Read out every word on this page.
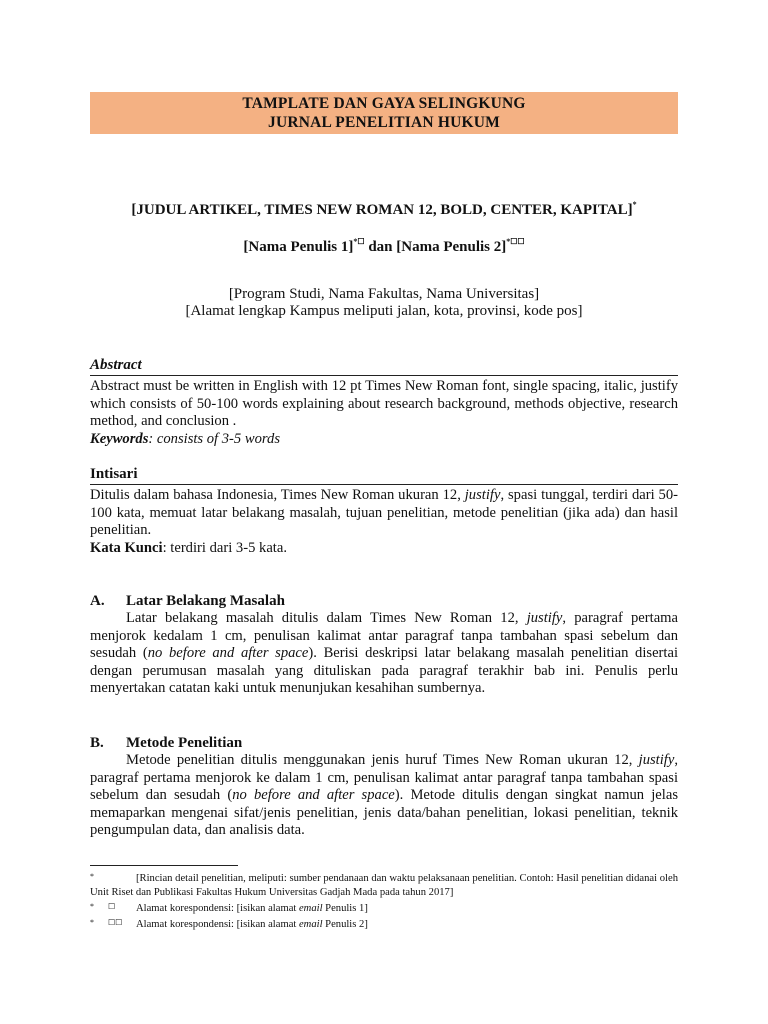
TAMPLATE DAN GAYA SELINGKUNG
JURNAL PENELITIAN HUKUM
[JUDUL ARTIKEL, TIMES NEW ROMAN 12, BOLD, CENTER, KAPITAL]*
[Nama Penulis 1]*☐ dan [Nama Penulis 2]*☐☐
[Program Studi, Nama Fakultas, Nama Universitas]
[Alamat lengkap Kampus meliputi jalan, kota, provinsi, kode pos]
Abstract
Abstract must be written in English with 12 pt Times New Roman font, single spacing, italic, justify which consists of 50-100 words explaining about research background, methods objective, research method, and conclusion .
Keywords: consists of 3-5 words
Intisari
Ditulis dalam bahasa Indonesia, Times New Roman ukuran 12, justify, spasi tunggal, terdiri dari 50-100 kata, memuat latar belakang masalah, tujuan penelitian, metode penelitian (jika ada) dan hasil penelitian.
Kata Kunci: terdiri dari 3-5 kata.
A. Latar Belakang Masalah
Latar belakang masalah ditulis dalam Times New Roman 12, justify, paragraf pertama menjorok kedalam 1 cm, penulisan kalimat antar paragraf tanpa tambahan spasi sebelum dan sesudah (no before and after space). Berisi deskripsi latar belakang masalah penelitian disertai dengan perumusan masalah yang dituliskan pada paragraf terakhir bab ini. Penulis perlu menyertakan catatan kaki untuk menunjukan kesahihan sumbernya.
B. Metode Penelitian
Metode penelitian ditulis menggunakan jenis huruf Times New Roman ukuran 12, justify, paragraf pertama menjorok ke dalam 1 cm, penulisan kalimat antar paragraf tanpa tambahan spasi sebelum dan sesudah (no before and after space). Metode ditulis dengan singkat namun jelas memaparkan mengenai sifat/jenis penelitian, jenis data/bahan penelitian, lokasi penelitian, teknik pengumpulan data, dan analisis data.
*	[Rincian detail penelitian, meliputi: sumber pendanaan dan waktu pelaksanaan penelitian. Contoh: Hasil penelitian didanai oleh Unit Riset dan Publikasi Fakultas Hukum Universitas Gadjah Mada pada tahun 2017]
* ☐	Alamat korespondensi: [isikan alamat email Penulis 1]
* ☐☐	Alamat korespondensi: [isikan alamat email Penulis 2]
